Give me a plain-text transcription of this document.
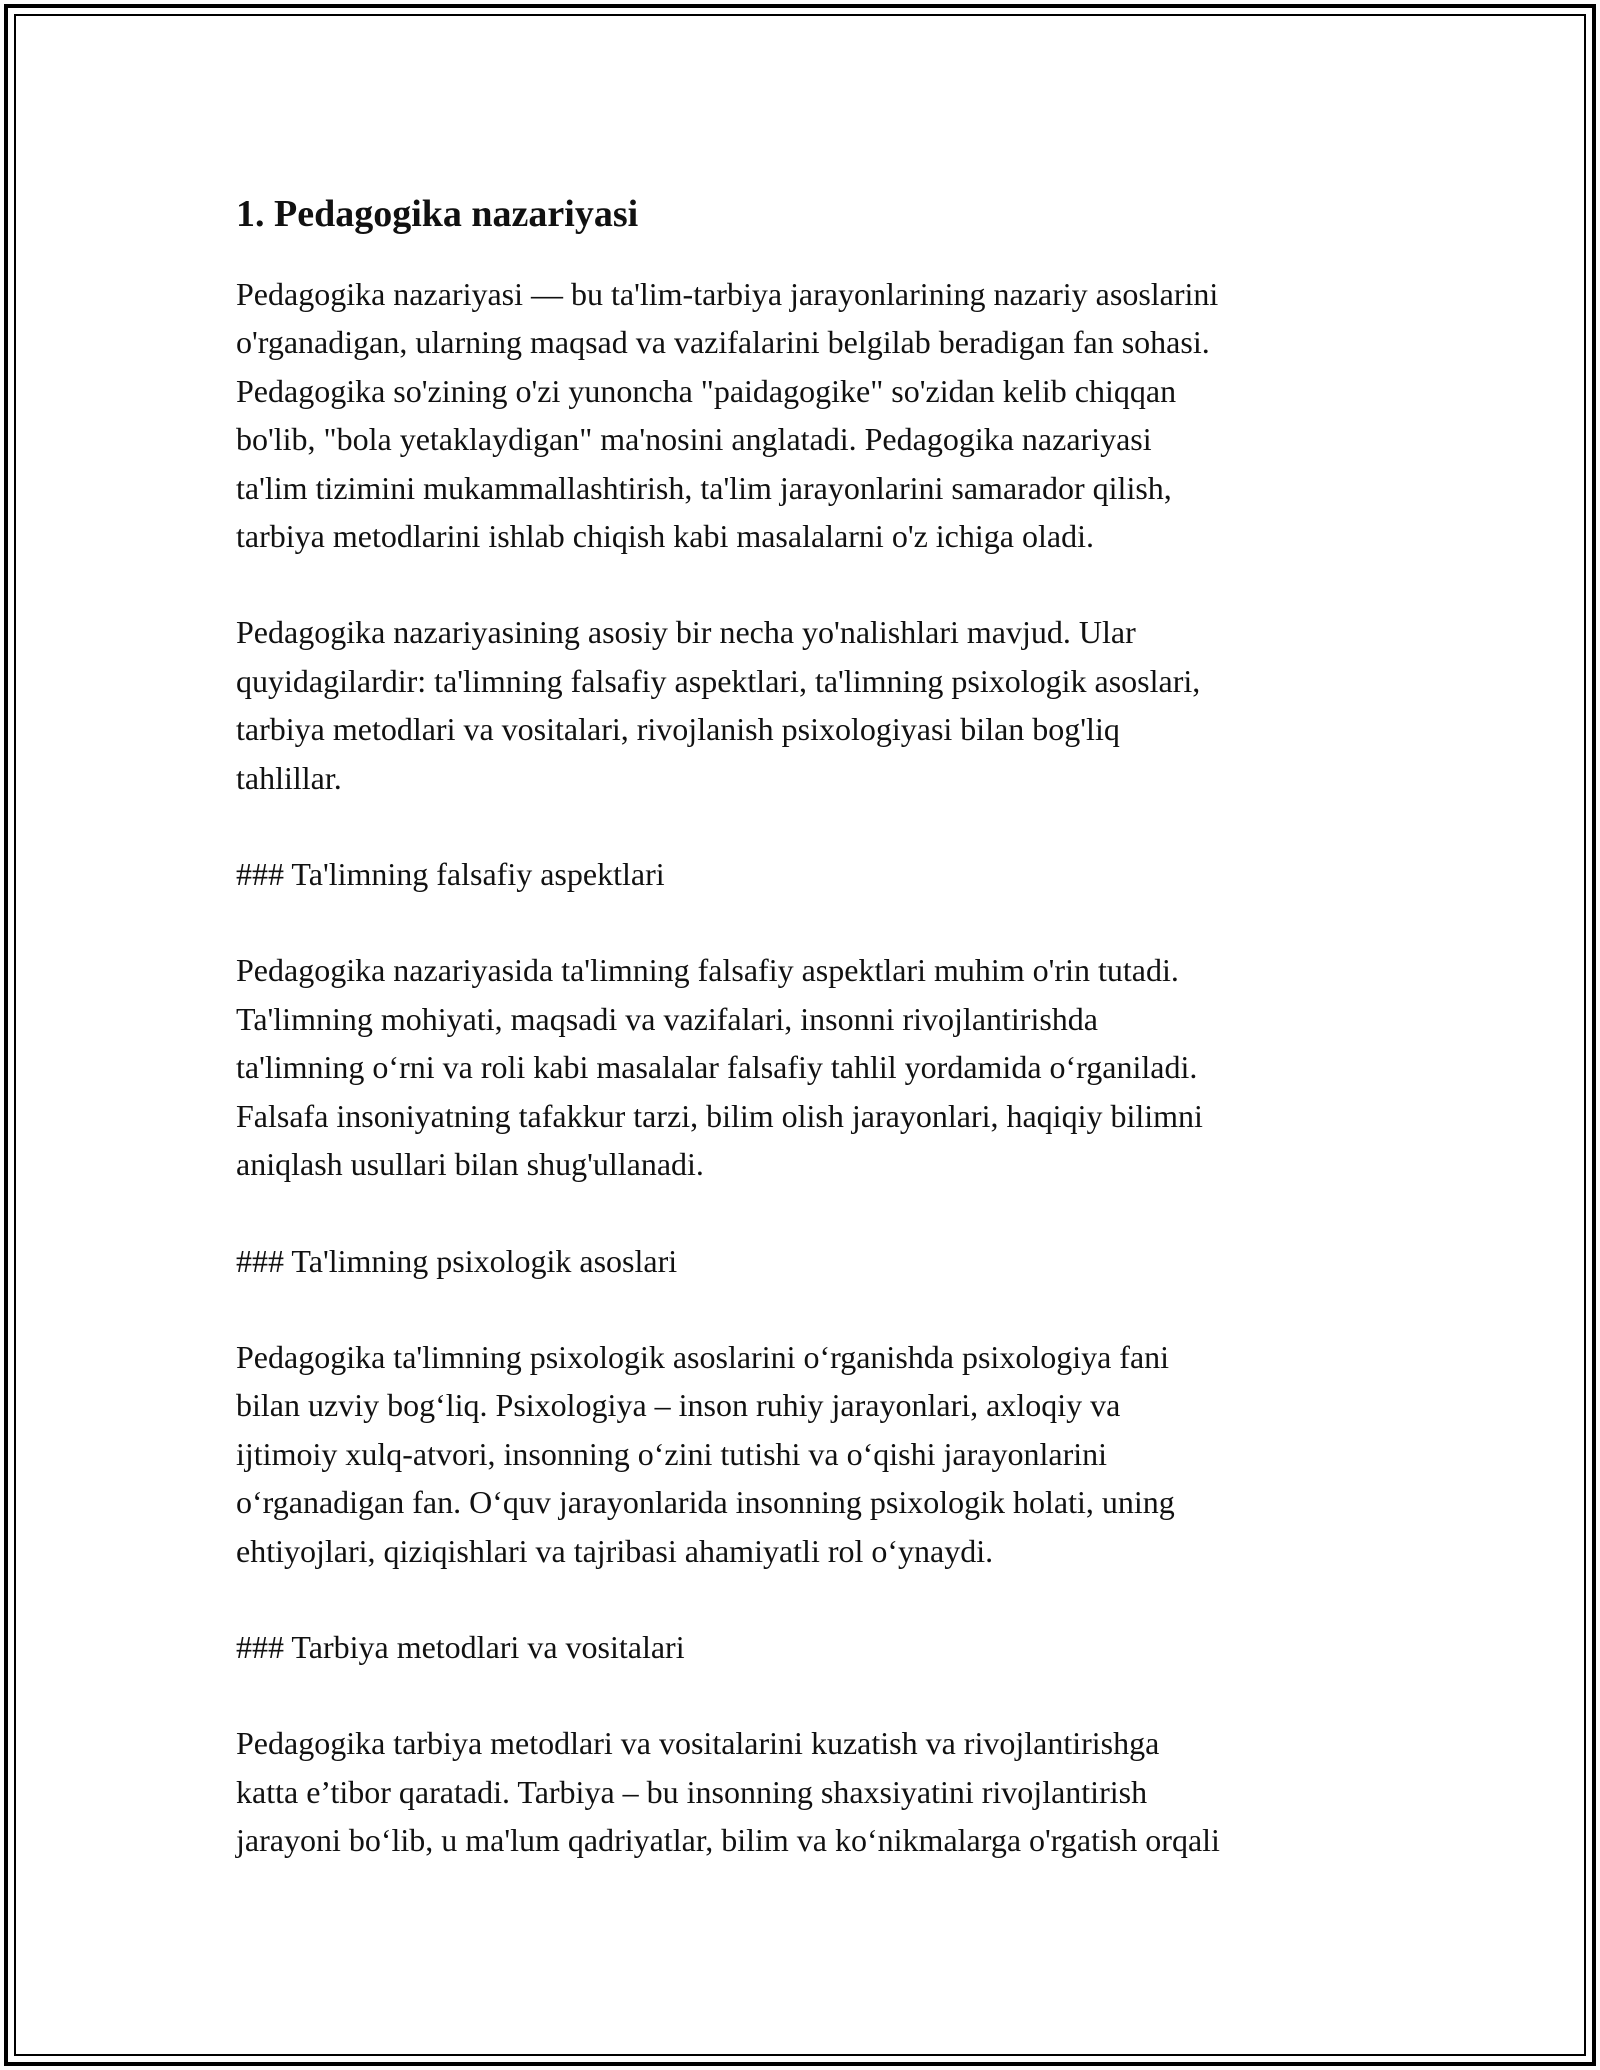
1. Pedagogika nazariyasi

Pedagogika nazariyasi — bu ta'lim-tarbiya jarayonlarining nazariy asoslarini
o'rganadigan, ularning maqsad va vazifalarini belgilab beradigan fan sohasi.
Pedagogika so'zining o'zi yunoncha "paidagogike" so'zidan kelib chiqqan
bo'lib, "bola yetaklaydigan" ma'nosini anglatadi. Pedagogika nazariyasi
ta'lim tizimini mukammallashtirish, ta'lim jarayonlarini samarador qilish,
tarbiya metodlarini ishlab chiqish kabi masalalarni o'z ichiga oladi.

Pedagogika nazariyasining asosiy bir necha yo'nalishlari mavjud. Ular
quyidagilardir: ta'limning falsafiy aspektlari, ta'limning psixologik asoslari,
tarbiya metodlari va vositalari, rivojlanish psixologiyasi bilan bog'liq
tahlillar.

### Ta'limning falsafiy aspektlari

Pedagogika nazariyasida ta'limning falsafiy aspektlari muhim o'rin tutadi.
Ta'limning mohiyati, maqsadi va vazifalari, insonni rivojlantirishda
ta'limning o‘rni va roli kabi masalalar falsafiy tahlil yordamida o‘rganiladi.
Falsafa insoniyatning tafakkur tarzi, bilim olish jarayonlari, haqiqiy bilimni
aniqlash usullari bilan shug'ullanadi.

### Ta'limning psixologik asoslari

Pedagogika ta'limning psixologik asoslarini o‘rganishda psixologiya fani
bilan uzviy bog‘liq. Psixologiya – inson ruhiy jarayonlari, axloqiy va
ijtimoiy xulq-atvori, insonning o‘zini tutishi va o‘qishi jarayonlarini
o‘rganadigan fan. O‘quv jarayonlarida insonning psixologik holati, uning
ehtiyojlari, qiziqishlari va tajribasi ahamiyatli rol o‘ynaydi.

### Tarbiya metodlari va vositalari

Pedagogika tarbiya metodlari va vositalarini kuzatish va rivojlantirishga
katta e’tibor qaratadi. Tarbiya – bu insonning shaxsiyatini rivojlantirish
jarayoni bo‘lib, u ma'lum qadriyatlar, bilim va ko‘nikmalarga o'rgatish orqali
